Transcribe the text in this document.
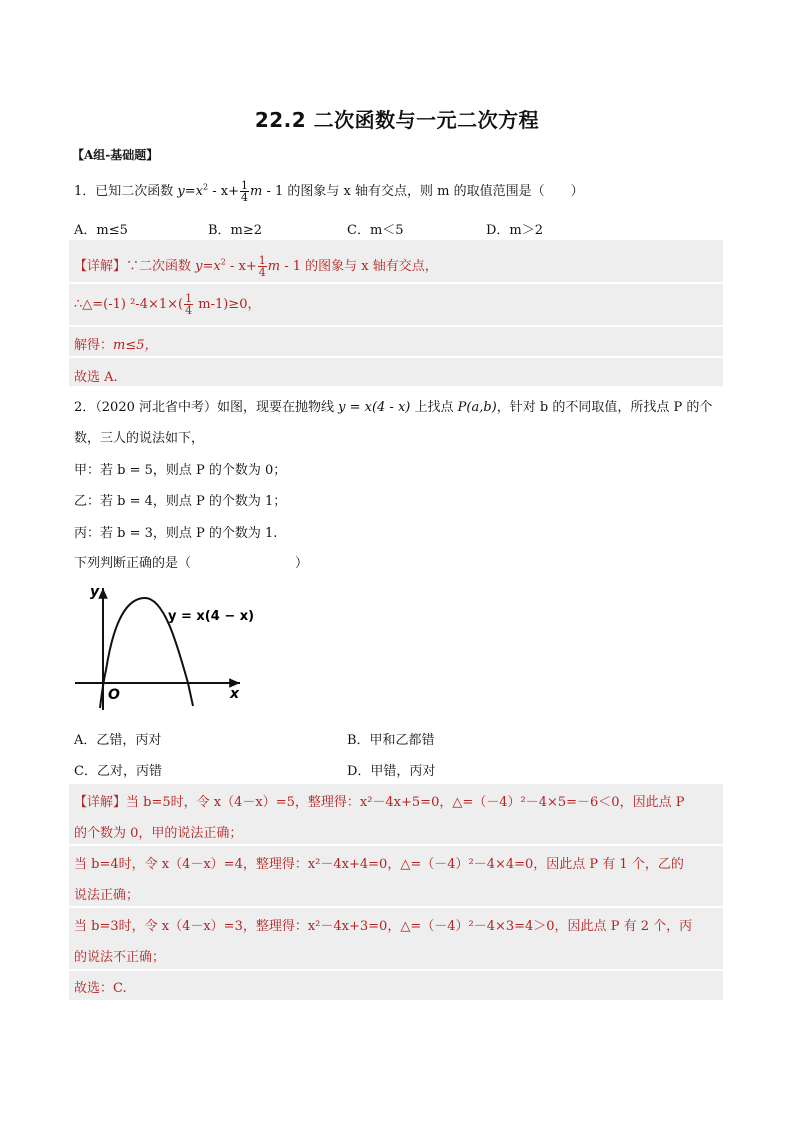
22.2 二次函数与一元二次方程
【A组-基础题】
1．已知二次函数 $y=x^2 - x+ \frac{1}{4}$ m - 1 的图象与 x 轴有交点，则 m 的取值范围是（　　）
A．m≤5	B．m≥2	C．m＜5	D．m＞2
【详解】∵二次函数 $y=x^2 - x+ \frac{1}{4}$ m - 1 的图象与 x 轴有交点，
∴△=(-1) $^2-4\times 1\times( \frac{1}{4} m-1)\ge 0$，
解得：m≤5，
故选 A.
2．（2020 河北省中考）如图，现要在抛物线 y = x(4 - x) 上找点 P(a,b)，针对 b 的不同取值，所找点 P 的个
数，三人的说法如下，
甲：若 b = 5，则点 P 的个数为 0；
乙：若 b = 4，则点 P 的个数为 1；
丙：若 b = 3，则点 P 的个数为 1.
下列判断正确的是（	）
y
x
O
y = x(4 − x)
A．乙错，丙对	B．甲和乙都错
C．乙对，丙错	D．甲错，丙对
【详解】当 b=5时，令 x（4－x）=5，整理得：x²－4x+5=0，△=（－4）²－4×5=－6＜0，因此点 P
的个数为 0，甲的说法正确；
当 b=4时，令 x（4－x）=4，整理得：x²－4x+4=0，△=（－4）²－4×4=0，因此点 P 有 1 个，乙的
说法正确；
当 b=3时，令 x（4－x）=3，整理得：x²－4x+3=0，△=（－4）²－4×3=4＞0，因此点 P 有 2 个，丙
的说法不正确；
故选：C.
